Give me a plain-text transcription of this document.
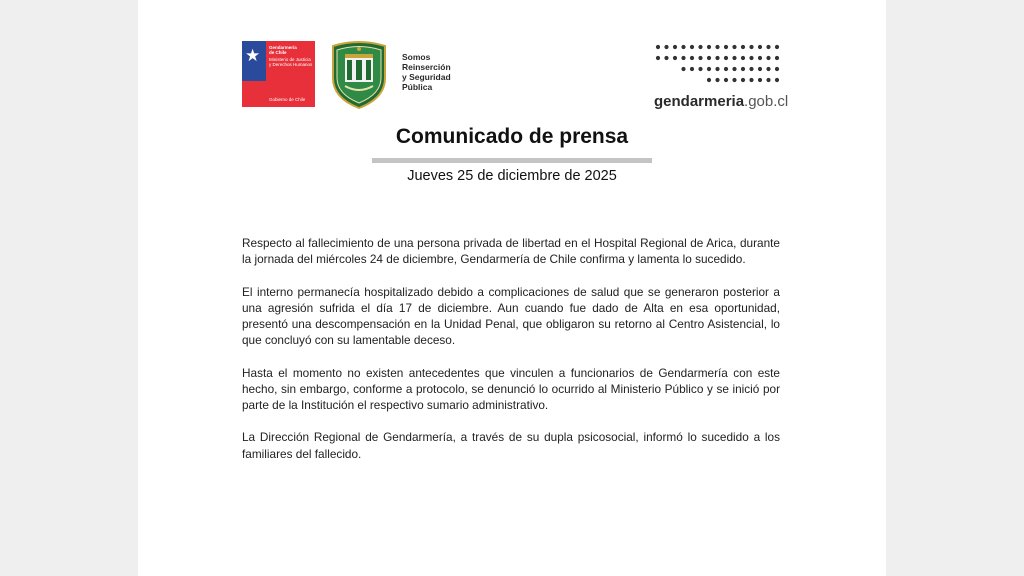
★ Gendarmería
de Chile
Ministerio de Justicia
y Derechos Humanos
Gobierno de Chile
Somos
Reinserción
y Seguridad
Pública
gendarmeria.gob.cl
Comunicado de prensa
Jueves 25 de diciembre de 2025

Respecto al fallecimiento de una persona privada de libertad en el Hospital Regional de Arica, durante la jornada del miércoles 24 de diciembre, Gendarmería de Chile confirma y lamenta lo sucedido.

El interno permanecía hospitalizado debido a complicaciones de salud que se generaron posterior a una agresión sufrida el día 17 de diciembre. Aun cuando fue dado de Alta en esa oportunidad, presentó una descompensación en la Unidad Penal, que obligaron su retorno al Centro Asistencial, lo que concluyó con su lamentable deceso.

Hasta el momento no existen antecedentes que vinculen a funcionarios de Gendarmería con este hecho, sin embargo, conforme a protocolo, se denunció lo ocurrido al Ministerio Público y se inició por parte de la Institución el respectivo sumario administrativo.

La Dirección Regional de Gendarmería, a través de su dupla psicosocial, informó lo sucedido a los familiares del fallecido.
